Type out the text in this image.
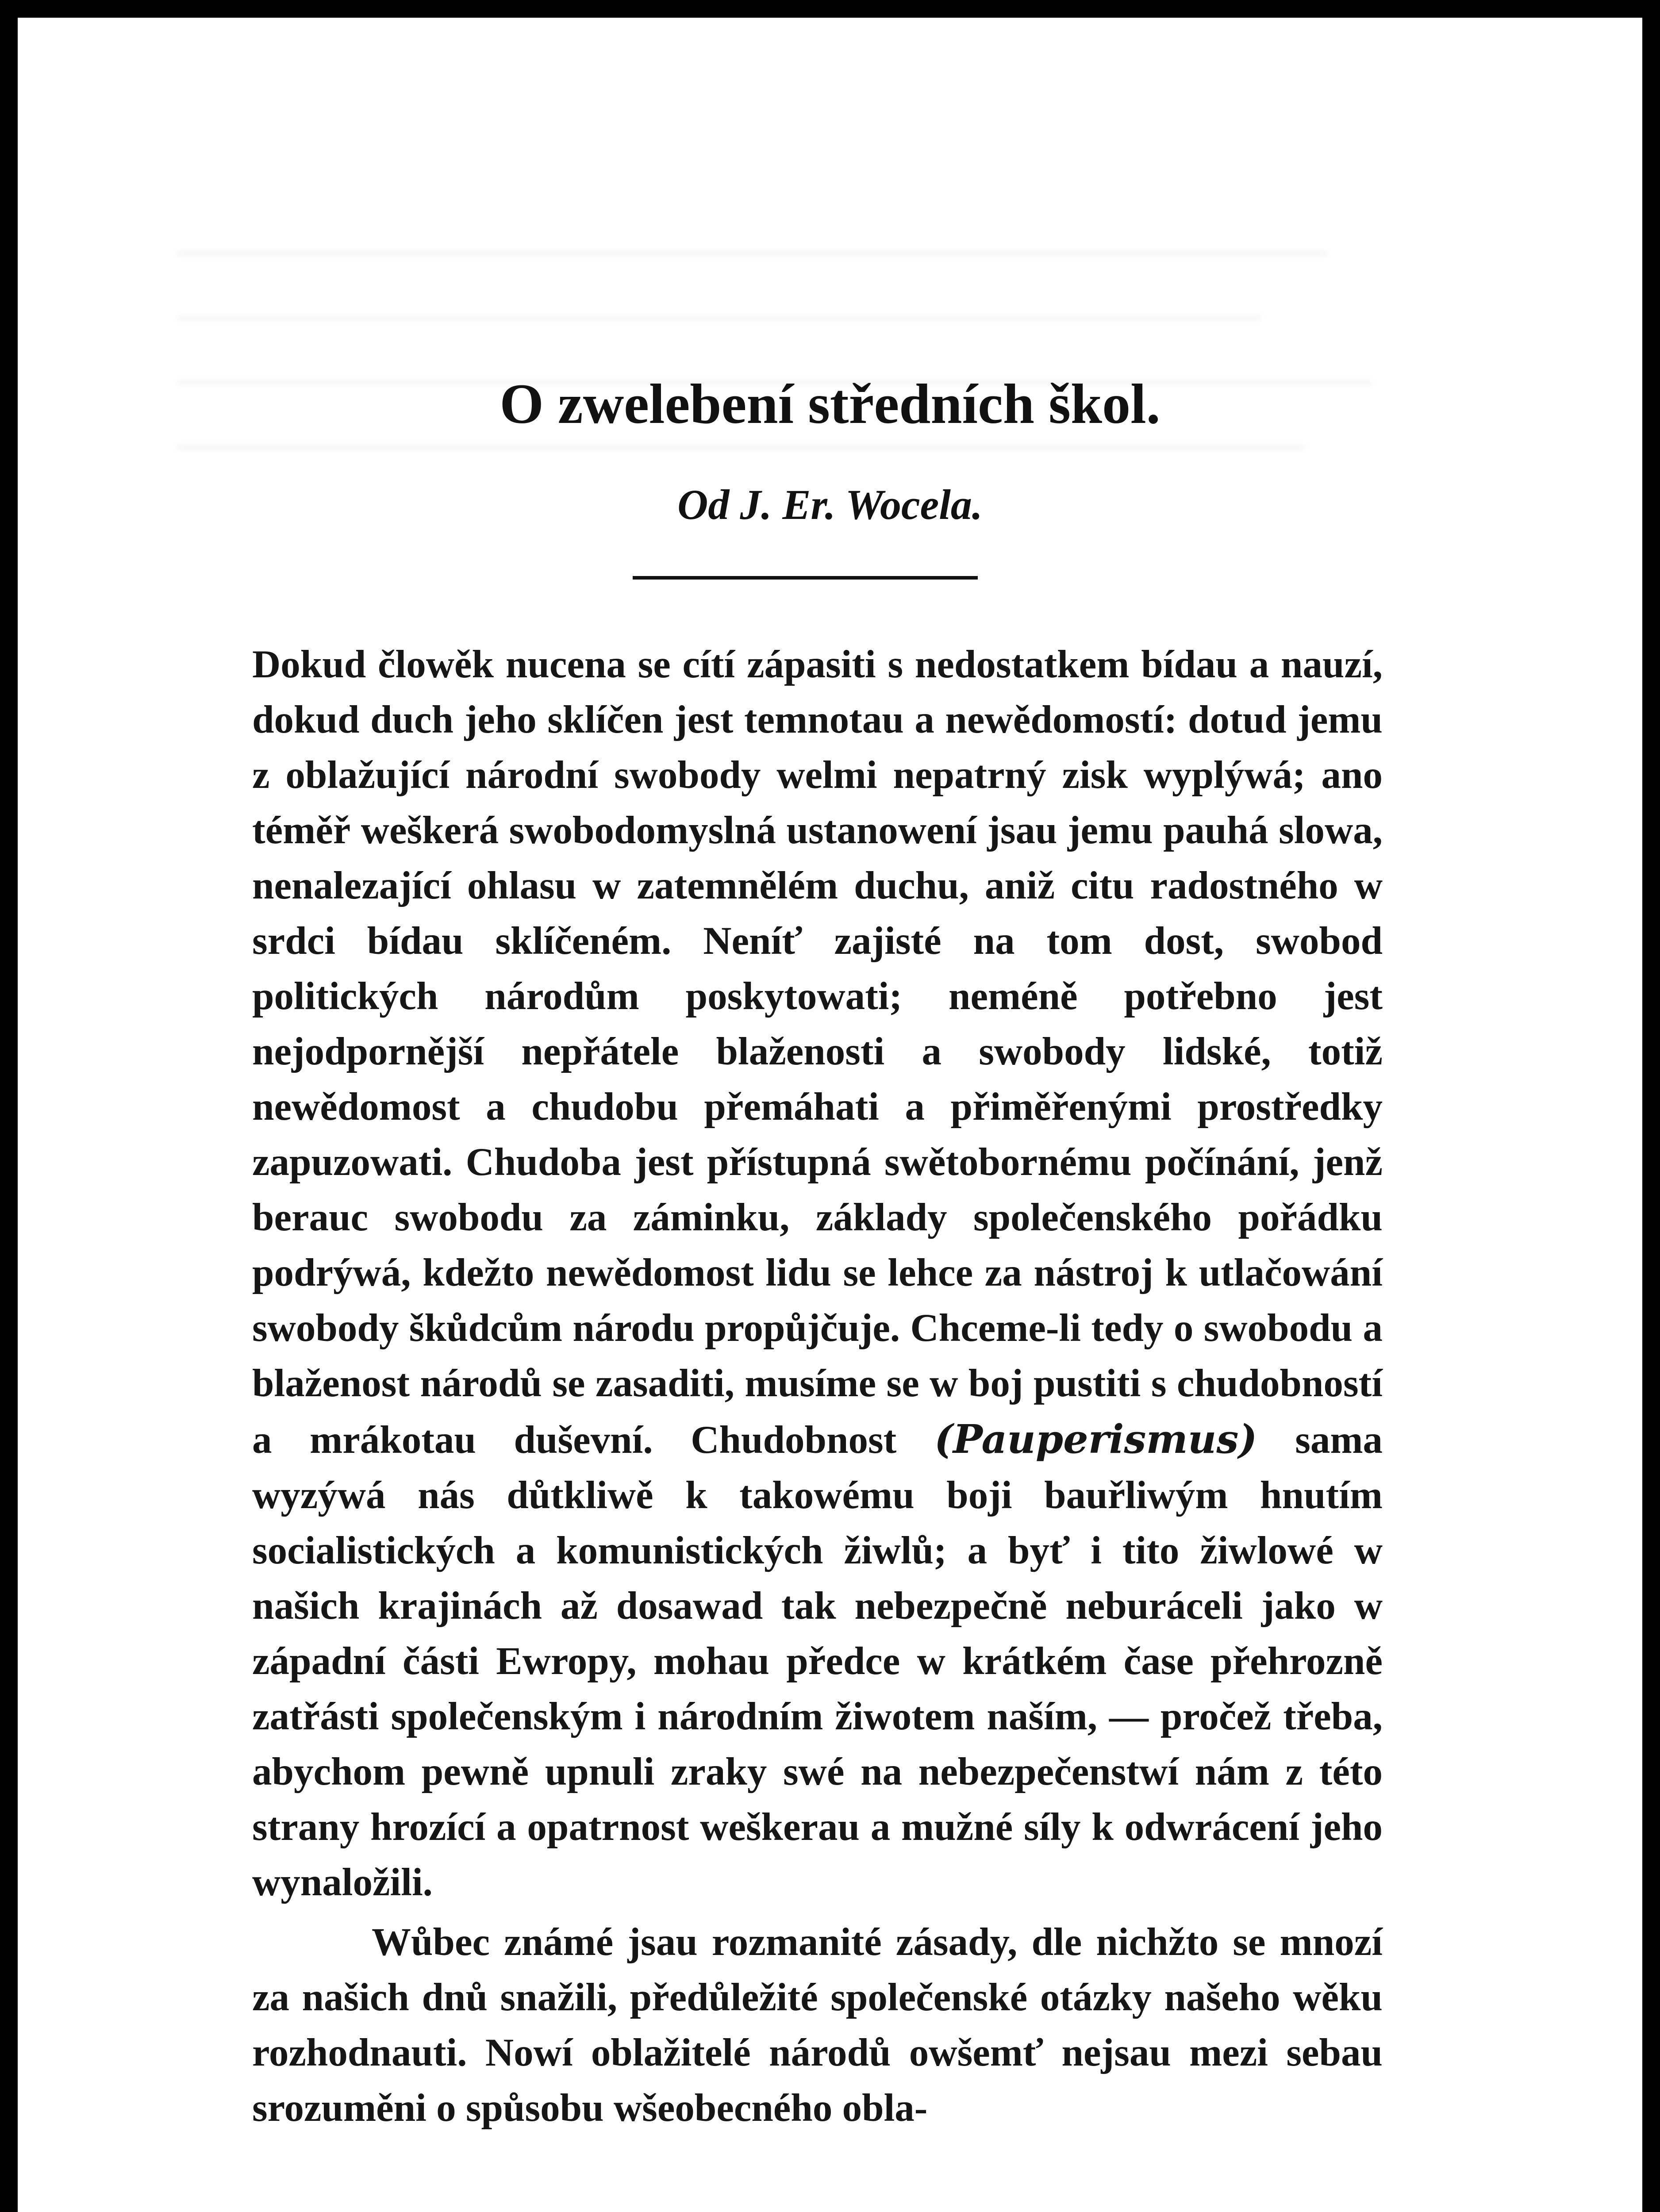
O zwelebení středních škol.
Od J. Er. Wocela.

Dokud člowěk nucena se cítí zápasiti s nedostatkem bídau a nauzí, dokud duch jeho sklíčen jest temnotau a newědomostí: dotud jemu z oblažující národní swobody welmi nepatrný zisk wyplýwá; ano téměř weškerá swobodomyslná ustanowení jsau jemu pauhá slowa, nenalezající ohlasu w zatemnělém duchu, aniž citu radostného w srdci bídau sklíčeném. Neníť zajisté na tom dost, swobod politických národům poskytowati; neméně potřebno jest nejodpornější nepřátele blaženosti a swobody lidské, totiž newědomost a chudobu přemáhati a přiměřenými prostředky zapuzowati. Chudoba jest přístupná swětobornému počínání, jenž berauc swobodu za záminku, základy společenského pořádku podrýwá, kdežto newědomost lidu se lehce za nástroj k utlačowání swobody škůdcům národu propůjčuje. Chceme-li tedy o swobodu a blaženost národů se zasaditi, musíme se w boj pustiti s chudobností a mrákotau duševní. Chudobnost (Pauperismus) sama wyzýwá nás důtkliwě k takowému boji bauřliwým hnutím socialistických a komunistických žiwlů; a byť i tito žiwlowé w našich krajinách až dosawad tak nebezpečně neburáceli jako w západní části Ewropy, mohau předce w krátkém čase přehrozně zatřásti společenským i národním žiwotem naším, — pročež třeba, abychom pewně upnuli zraky swé na nebezpečenstwí nám z této strany hrozící a opatrnost weškerau a mužné síly k odwrácení jeho wynaložili.

Wůbec známé jsau rozmanité zásady, dle nichžto se mnozí za našich dnů snažili, předůležité společenské otázky našeho wěku rozhodnauti. Nowí oblažitelé národů owšemť nejsau mezi sebau srozuměni o spůsobu wšeobecného obla-
